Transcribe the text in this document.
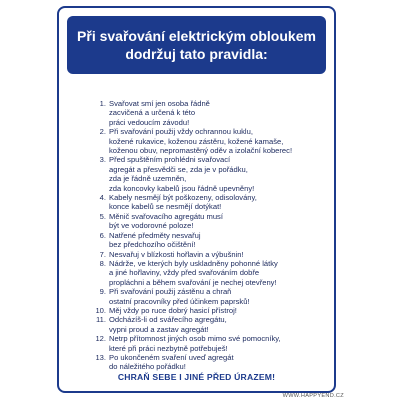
Při svařování elektrickým obloukem
dodržuj tato pravidla:
1. Svařovat smí jen osoba řádně
zacvičená a určená k této
práci vedoucím závodu!
2. Při svařování použij vždy ochrannou kuklu,
kožené rukavice, koženou zástěru, kožené kamaše,
koženou obuv, nepromastěný oděv a izolační koberec!
3. Před spuštěním prohlédni svařovací
agregát a přesvědči se, zda je v pořádku,
zda je řádně uzemněn,
zda koncovky kabelů jsou řádně upevněny!
4. Kabely nesmějí být poškozeny, odisolovány,
konce kabelů se nesmějí dotýkat!
5. Měnič svařovacího agregátu musí
být ve vodorovné poloze!
6. Natřené předměty nesvařuj
bez předchozího očištění!
7. Nesvařuj v blízkosti hořlavin a výbušnin!
8. Nádrže, ve kterých byly uskladněny pohonné látky
a jiné hořlaviny, vždy před svařováním dobře
propláchni a během svařování je nechej otevřeny!
9. Při svařování použij zástěnu a chraň
ostatní pracovníky před účinkem paprsků!
10. Měj vždy po ruce dobrý hasicí přístroj!
11. Odcházíš-li od svářecího agregátu,
vypni proud a zastav agregát!
12. Netrp přítomnost jiných osob mimo své pomocníky,
které při práci nezbytně potřebuješ!
13. Po ukončeném svaření uveď agregát
do náležitého pořádku!
CHRAŇ SEBE I JINÉ PŘED ÚRAZEM!
WWW.HAPPYEND.CZ
